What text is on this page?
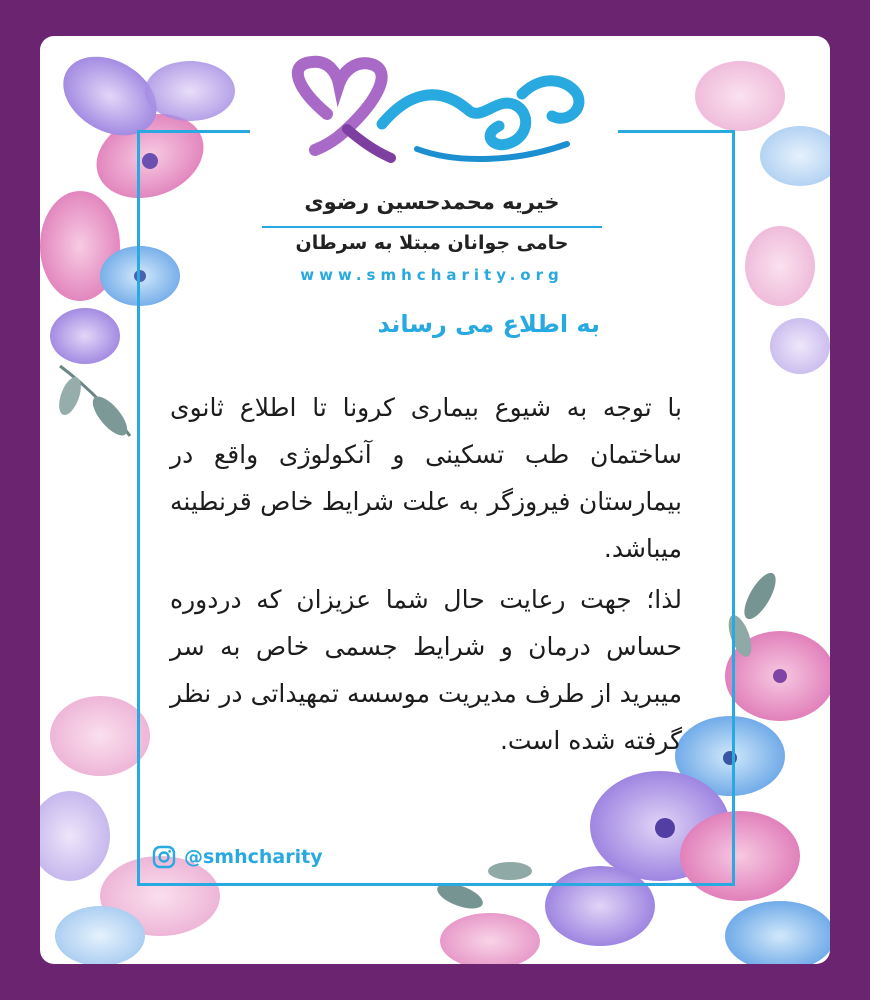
خیریه محمدحسین رضوی
حامی جوانان مبتلا به سرطان
www.smhcharity.org
به اطلاع می رساند
با توجه به شیوع بیماری کرونا تا اطلاع ثانوی ساختمان طب تسکینی و آنکولوژی واقع در بیمارستان فیروزگر به علت شرایط خاص قرنطینه میباشد.
لذا؛ جهت رعایت حال شما عزیزان که دردوره حساس درمان و شرایط جسمی خاص به سر میبرید از طرف مدیریت موسسه تمهیداتی در نظر گرفته شده است.
@smhcharity
